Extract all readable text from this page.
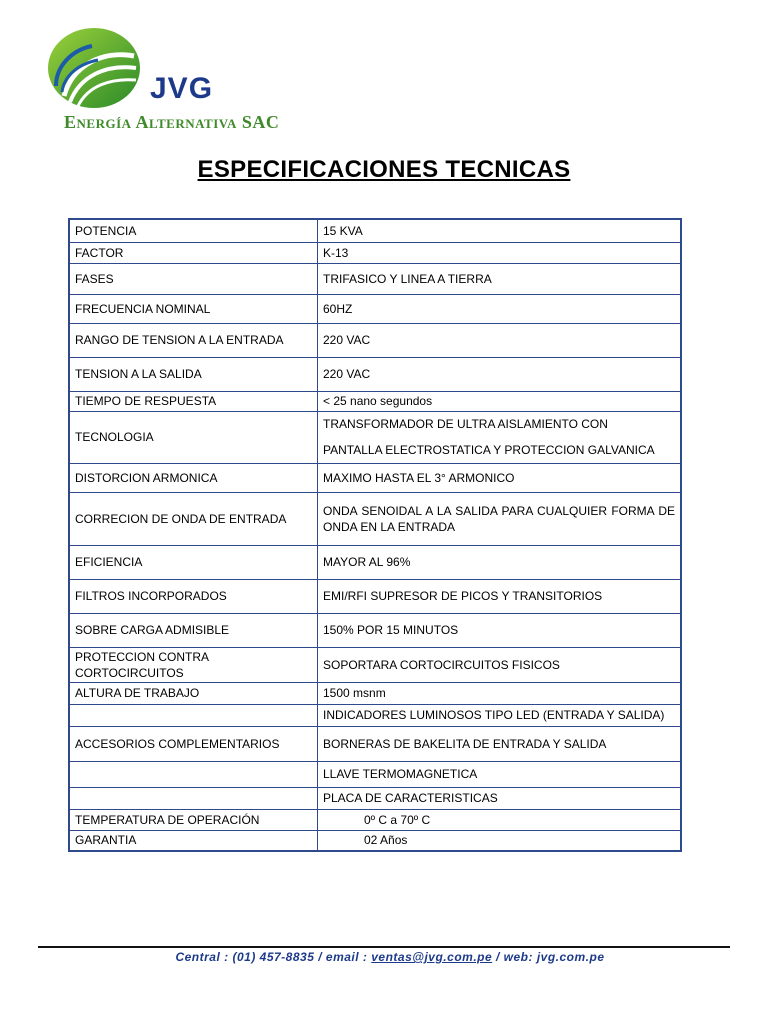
JVG
Energía Alternativa SAC
ESPECIFICACIONES TECNICAS
POTENCIA	15 KVA
FACTOR	K-13
FASES	TRIFASICO Y LINEA A TIERRA
FRECUENCIA NOMINAL	60HZ
RANGO DE TENSION A LA ENTRADA	220 VAC
TENSION A LA SALIDA	220 VAC
TIEMPO DE RESPUESTA	< 25 nano segundos
TECNOLOGIA	TRANSFORMADOR DE ULTRA AISLAMIENTO CON
PANTALLA ELECTROSTATICA Y PROTECCION GALVANICA

DISTORCION ARMONICA	MAXIMO HASTA EL 3° ARMONICO
CORRECION DE ONDA DE ENTRADA	ONDA SENOIDAL A LA SALIDA PARA CUALQUIER FORMA DE ONDA EN LA ENTRADA
EFICIENCIA	MAYOR AL 96%
FILTROS INCORPORADOS	EMI/RFI SUPRESOR DE PICOS Y TRANSITORIOS
SOBRE CARGA ADMISIBLE	150% POR 15 MINUTOS
PROTECCION CONTRA CORTOCIRCUITOS	SOPORTARA CORTOCIRCUITOS FISICOS
ALTURA DE TRABAJO	1500 msnm
	INDICADORES LUMINOSOS TIPO LED (ENTRADA Y SALIDA)
ACCESORIOS COMPLEMENTARIOS	BORNERAS DE BAKELITA DE ENTRADA Y SALIDA
	LLAVE TERMOMAGNETICA
	PLACA DE CARACTERISTICAS
TEMPERATURA DE OPERACIÓN	0º C a 70º C
GARANTIA	02 Años
Central : (01) 457-8835 / email : ventas@jvg.com.pe / web: jvg.com.pe
